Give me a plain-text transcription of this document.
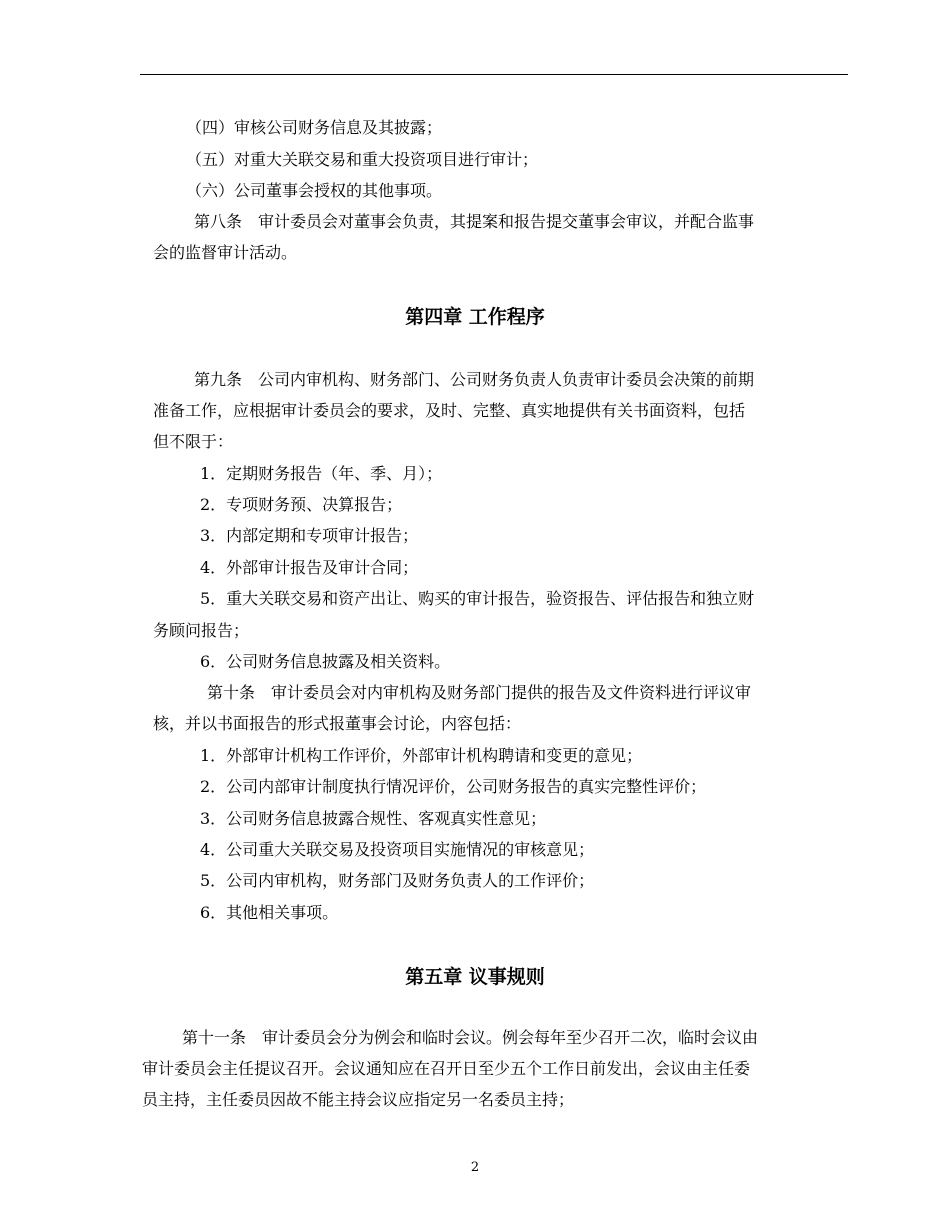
（四）审核公司财务信息及其披露；
（五）对重大关联交易和重大投资项目进行审计；
（六）公司董事会授权的其他事项。
第八条　审计委员会对董事会负责，其提案和报告提交董事会审议，并配合监事
会的监督审计活动。
第四章 工作程序
第九条　公司内审机构、财务部门、公司财务负责人负责审计委员会决策的前期
准备工作，应根据审计委员会的要求，及时、完整、真实地提供有关书面资料，包括
但不限于：
1．定期财务报告（年、季、月）；
2．专项财务预、决算报告；
3．内部定期和专项审计报告；
4．外部审计报告及审计合同；
5．重大关联交易和资产出让、购买的审计报告，验资报告、评估报告和独立财
务顾问报告；
6．公司财务信息披露及相关资料。
第十条　审计委员会对内审机构及财务部门提供的报告及文件资料进行评议审
核，并以书面报告的形式报董事会讨论，内容包括：
1．外部审计机构工作评价，外部审计机构聘请和变更的意见；
2．公司内部审计制度执行情况评价，公司财务报告的真实完整性评价；
3．公司财务信息披露合规性、客观真实性意见；
4．公司重大关联交易及投资项目实施情况的审核意见；
5．公司内审机构，财务部门及财务负责人的工作评价；
6．其他相关事项。
第五章 议事规则
第十一条　审计委员会分为例会和临时会议。例会每年至少召开二次，临时会议由
审计委员会主任提议召开。会议通知应在召开日至少五个工作日前发出，会议由主任委
员主持，主任委员因故不能主持会议应指定另一名委员主持；
2
